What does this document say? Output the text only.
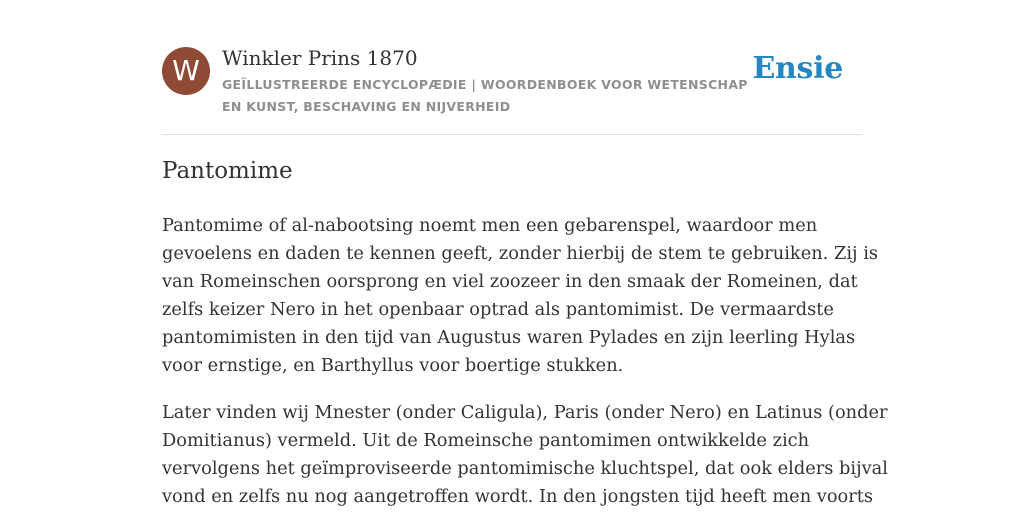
W	Winkler Prins 1870
GEÏLLUSTREERDE ENCYCLOPÆDIE | WOORDENBOEK VOOR WETENSCHAP EN KUNST, BESCHAVING EN NIJVERHEID
Ensie
Pantomime

Pantomime of al-nabootsing noemt men een gebarenspel, waardoor men
gevoelens en daden te kennen geeft, zonder hierbij de stem te gebruiken. Zij is
van Romeinschen oorsprong en viel zoozeer in den smaak der Romeinen, dat
zelfs keizer Nero in het openbaar optrad als pantomimist. De vermaardste
pantomimisten in den tijd van Augustus waren Pylades en zijn leerling Hylas
voor ernstige, en Barthyllus voor boertige stukken.

Later vinden wij Mnester (onder Caligula), Paris (onder Nero) en Latinus (onder
Domitianus) vermeld. Uit de Romeinsche pantomimen ontwikkelde zich
vervolgens het geïmproviseerde pantomimische kluchtspel, dat ook elders bijval
vond en zelfs nu nog aangetroffen wordt. In den jongsten tijd heeft men voorts
